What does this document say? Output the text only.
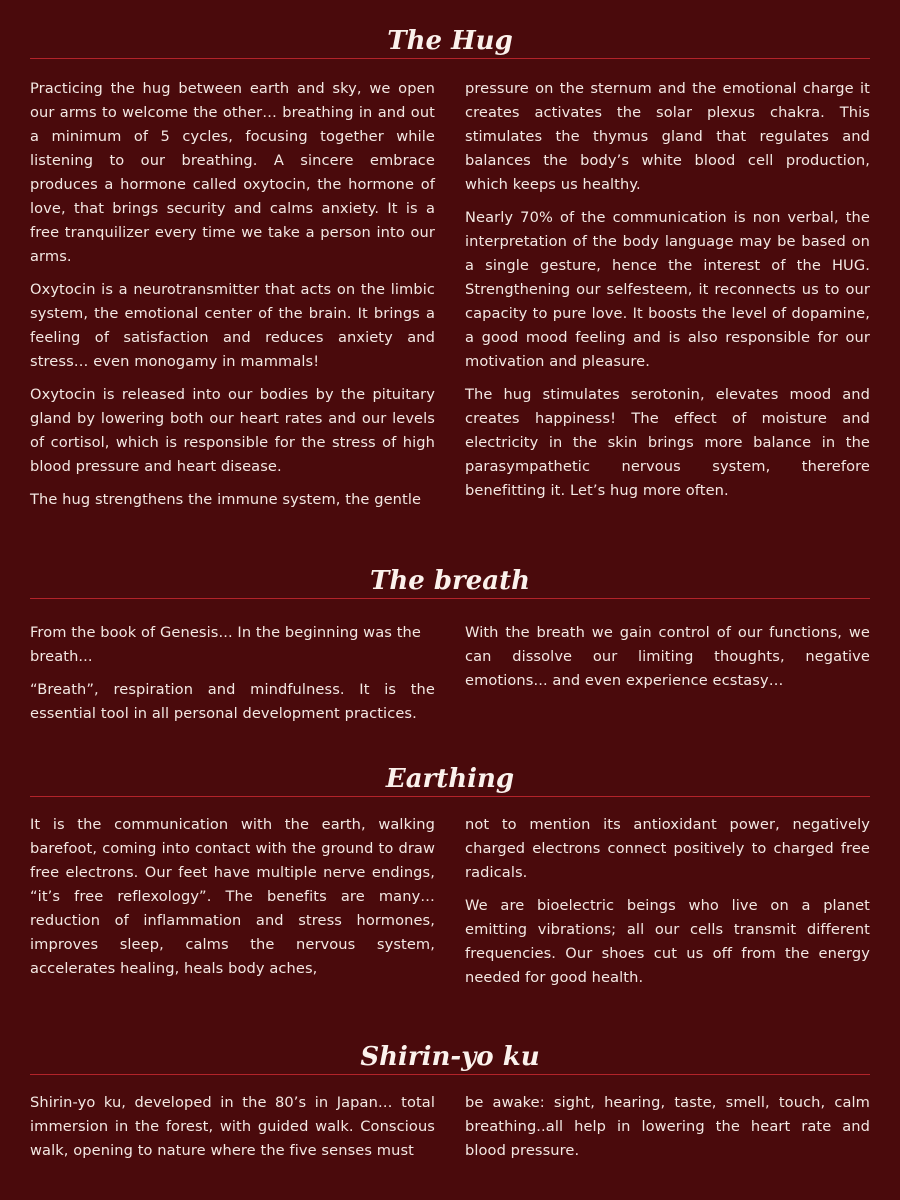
The Hug

Practicing the hug between earth and sky, we open our arms to welcome the other… breathing in and out a minimum of 5 cycles, focusing together while listening to our breathing. A sincere embrace produces a hormone called oxytocin, the hormone of love, that brings security and calms anxiety. It is a free tranquilizer every time we take a person into our arms.

Oxytocin is a neurotransmitter that acts on the limbic system, the emotional center of the brain. It brings a feeling of satisfaction and reduces anxiety and stress… even monogamy in mammals!

Oxytocin is released into our bodies by the pituitary gland by lowering both our heart rates and our levels of cortisol, which is responsible for the stress of high blood pressure and heart disease.

The hug strengthens the immune system, the gentle

pressure on the sternum and the emotional charge it creates activates the solar plexus chakra. This stimulates the thymus gland that regulates and balances the body’s white blood cell production, which keeps us healthy.

Nearly 70% of the communication is non verbal, the interpretation of the body language may be based on a single gesture, hence the interest of the HUG. Strengthening our selfesteem, it reconnects us to our capacity to pure love. It boosts the level of dopamine, a good mood feeling and is also responsible for our motivation and pleasure.

The hug stimulates serotonin, elevates mood and creates happiness! The effect of moisture and electricity in the skin brings more balance in the parasympathetic nervous system, therefore benefitting it. Let’s hug more often.

The breath

From the book of Genesis... In the beginning was the breath...

“Breath”, respiration and mindfulness. It is the essential tool in all personal development practices.

With the breath we gain control of our functions, we can dissolve our limiting thoughts, negative emotions... and even experience ecstasy…

Earthing

It is the communication with the earth, walking barefoot, coming into contact with the ground to draw free electrons. Our feet have multiple nerve endings, “it’s free reflexology”. The benefits are many… reduction of inflammation and stress hormones, improves sleep, calms the nervous system, accelerates healing, heals body aches,

not to mention its antioxidant power, negatively charged electrons connect positively to charged free radicals.

We are bioelectric beings who live on a planet emitting vibrations; all our cells transmit different frequencies. Our shoes cut us off from the energy needed for good health.

Shirin-yo ku

Shirin-yo ku, developed in the 80’s in Japan… total immersion in the forest, with guided walk. Conscious walk, opening to nature where the five senses must

be awake: sight, hearing, taste, smell, touch, calm breathing..all help in lowering the heart rate and blood pressure.
